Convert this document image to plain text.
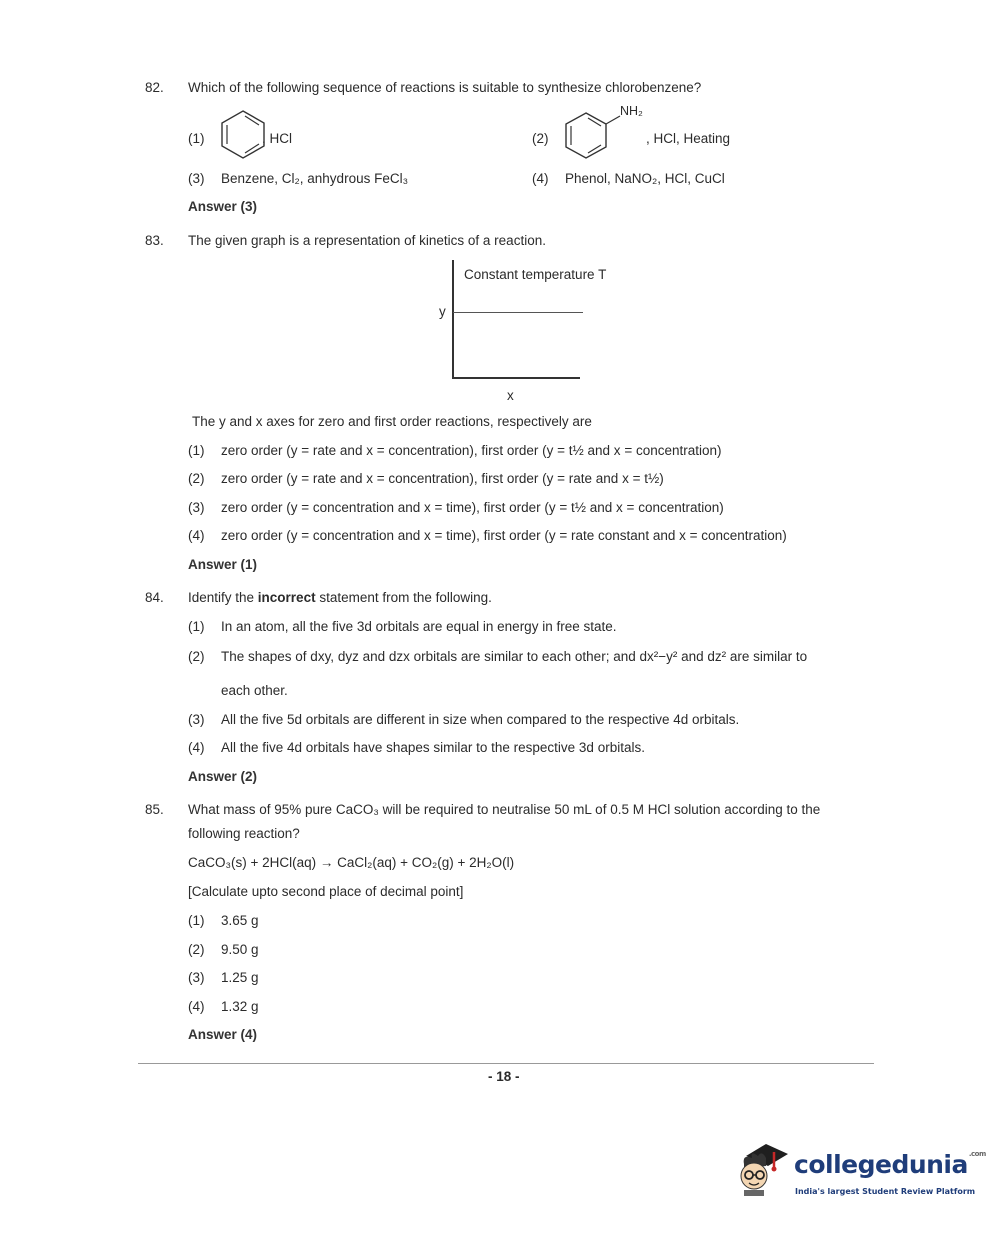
82. Which of the following sequence of reactions is suitable to synthesize chlorobenzene?
(1)	, HCl	(2)
NH₂
, HCl, Heating
(3) Benzene, Cl₂, anhydrous FeCl₃	(4) Phenol, NaNO₂, HCl, CuCl
Answer (3)
83. The given graph is a representation of kinetics of a reaction.
Constant temperature T
y
x
The y and x axes for zero and first order reactions, respectively are
(1) zero order (y = rate and x = concentration), first order (y = t½ and x = concentration)
(2) zero order (y = rate and x = concentration), first order (y = rate and x = t½)
(3) zero order (y = concentration and x = time), first order (y = t½ and x = concentration)
(4) zero order (y = concentration and x = time), first order (y = rate constant and x = concentration)
Answer (1)
84. Identify the incorrect statement from the following.
(1) In an atom, all the five 3d orbitals are equal in energy in free state.
(2) The shapes of dxy, dyz and dzx orbitals are similar to each other; and dx²−y² and dz² are similar to
each other.
(3) All the five 5d orbitals are different in size when compared to the respective 4d orbitals.
(4) All the five 4d orbitals have shapes similar to the respective 3d orbitals.
Answer (2)
85. What mass of 95% pure CaCO₃ will be required to neutralise 50 mL of 0.5 M HCl solution according to the
following reaction?
CaCO₃(s) + 2HCl(aq) → CaCl₂(aq) + CO₂(g) + 2H₂O(l)
[Calculate upto second place of decimal point]
(1) 3.65 g
(2) 9.50 g
(3) 1.25 g
(4) 1.32 g
Answer (4)
- 18 -
collegedunia$^{.com}$
India's largest Student Review Platform
